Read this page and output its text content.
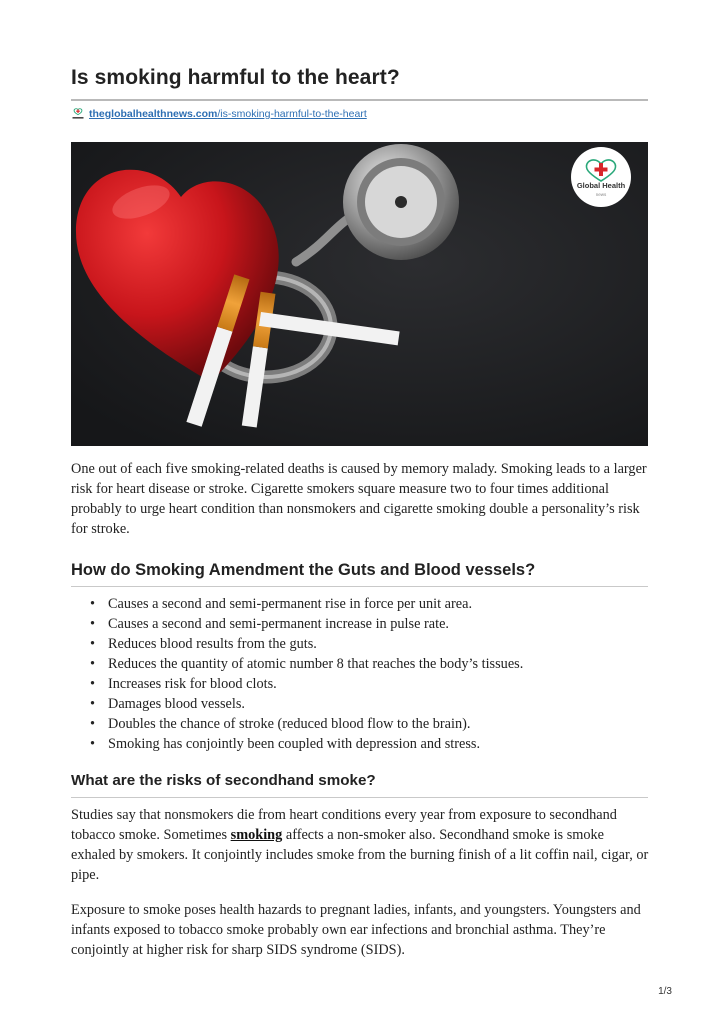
Is smoking harmful to the heart?
theglobalhealthnews.com/is-smoking-harmful-to-the-heart
Global Health
news

One out of each five smoking-related deaths is caused by memory malady. Smoking leads to a larger risk for heart disease or stroke. Cigarette smokers square measure two to four times additional probably to urge heart condition than nonsmokers and cigarette smoking double a personality’s risk for stroke.

How do Smoking Amendment the Guts and Blood vessels?
• Causes a second and semi-permanent rise in force per unit area.
• Causes a second and semi-permanent increase in pulse rate.
• Reduces blood results from the guts.
• Reduces the quantity of atomic number 8 that reaches the body’s tissues.
• Increases risk for blood clots.
• Damages blood vessels.
• Doubles the chance of stroke (reduced blood flow to the brain).
• Smoking has conjointly been coupled with depression and stress.
What are the risks of secondhand smoke?

Studies say that nonsmokers die from heart conditions every year from exposure to secondhand tobacco smoke. Sometimes smoking affects a non-smoker also. Secondhand smoke is smoke exhaled by smokers. It conjointly includes smoke from the burning finish of a lit coffin nail, cigar, or pipe.

Exposure to smoke poses health hazards to pregnant ladies, infants, and youngsters. Youngsters and infants exposed to tobacco smoke probably own ear infections and bronchial asthma. They’re conjointly at higher risk for sharp SIDS syndrome (SIDS).

1/3
